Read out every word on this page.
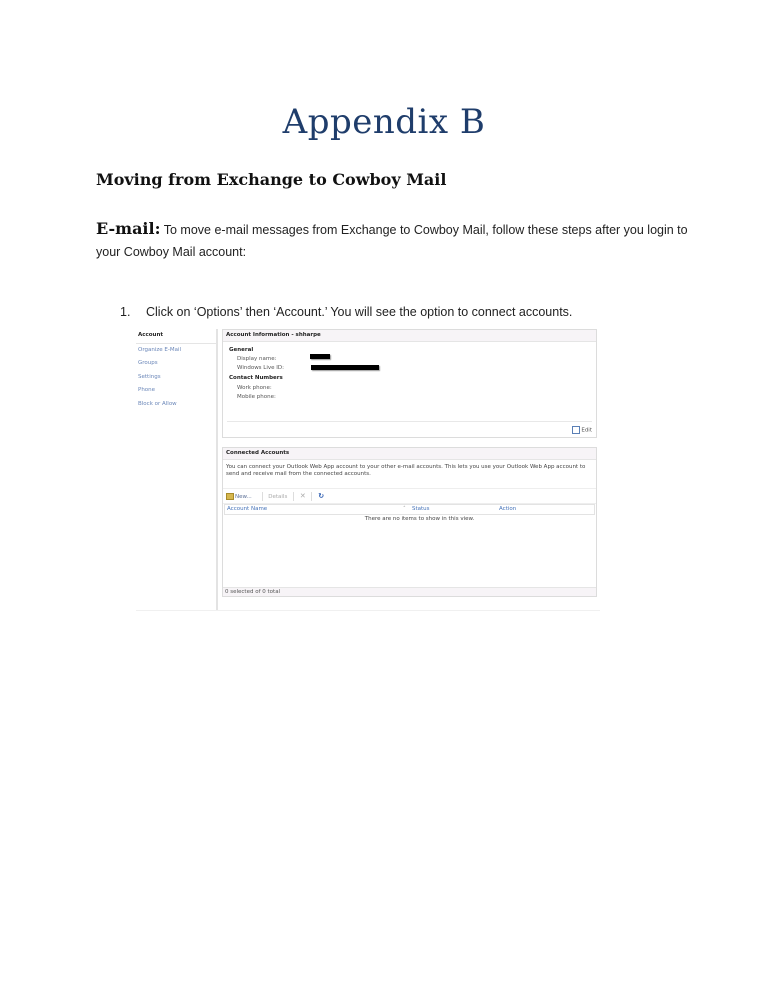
Appendix B
Moving from Exchange to Cowboy Mail
E-mail: To move e-mail messages from Exchange to Cowboy Mail, follow these steps after you login to your Cowboy Mail account:
1. Click on ‘Options’ then ‘Account.’ You will see the option to connect accounts.
Account
Organize E-Mail
Groups
Settings
Phone
Block or Allow
Account Information - shharpe
General
Display name:
Windows Live ID:
Contact Numbers
Work phone:
Mobile phone:
Edit
Connected Accounts
You can connect your Outlook Web App account to your other e-mail accounts. This lets you use your Outlook Web App account to send and receive mail from the connected accounts.
New...	Details ✕ ↻
Account Name	˄ Status	Action
There are no items to show in this view.
0 selected of 0 total
